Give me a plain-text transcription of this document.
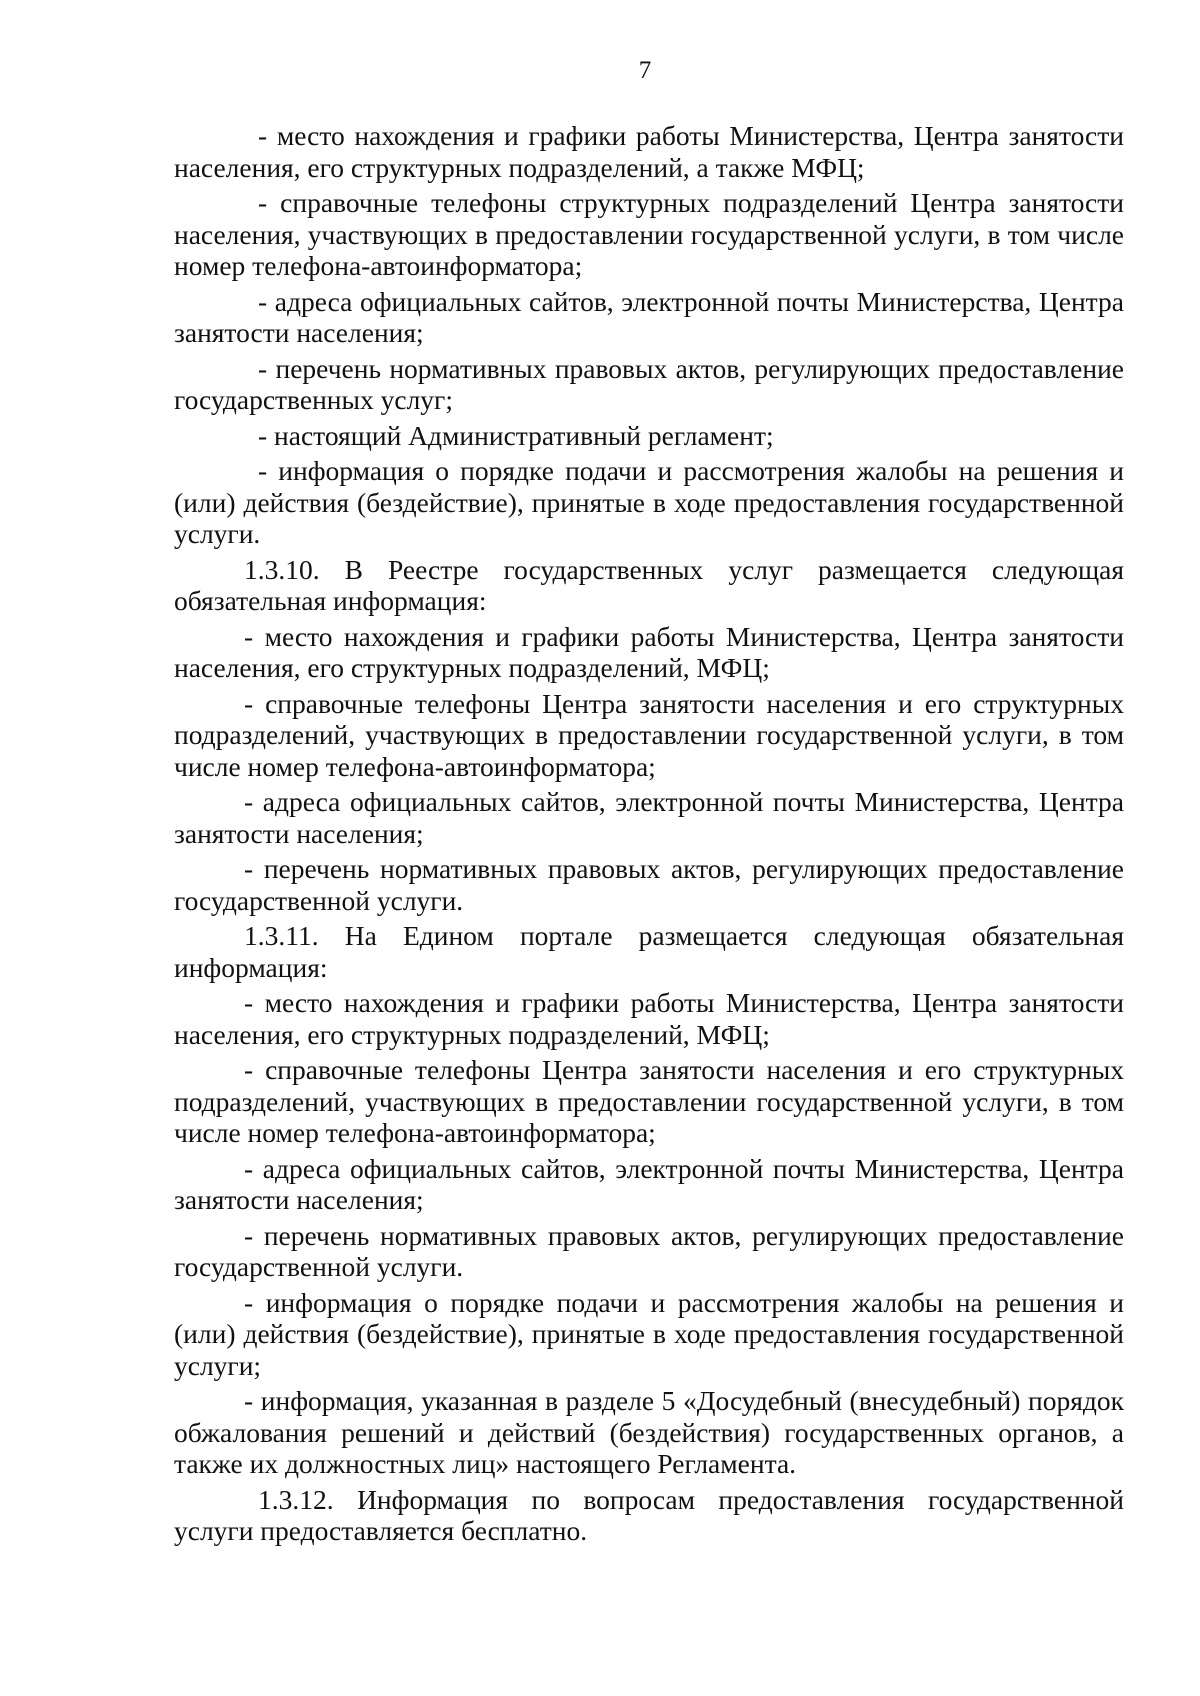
7

- место нахождения и графики работы Министерства, Центра занятости населения, его структурных подразделений, а также МФЦ;

- справочные телефоны структурных подразделений Центра занятости населения, участвующих в предоставлении государственной услуги, в том числе номер телефона-автоинформатора;

- адреса официальных сайтов, электронной почты Министерства, Центра занятости населения;

- перечень нормативных правовых актов, регулирующих предоставление государственных услуг;

- настоящий Административный регламент;

- информация о порядке подачи и рассмотрения жалобы на решения и (или) действия (бездействие), принятые в ходе предоставления государственной услуги.

1.3.10. В Реестре государственных услуг размещается следующая обязательная информация:

- место нахождения и графики работы Министерства, Центра занятости населения, его структурных подразделений, МФЦ;

- справочные телефоны Центра занятости населения и его структурных подразделений, участвующих в предоставлении государственной услуги, в том числе номер телефона-автоинформатора;

- адреса официальных сайтов, электронной почты Министерства, Центра занятости населения;

- перечень нормативных правовых актов, регулирующих предоставление государственной услуги.

1.3.11. На Едином портале размещается следующая обязательная информация:

- место нахождения и графики работы Министерства, Центра занятости населения, его структурных подразделений, МФЦ;

- справочные телефоны Центра занятости населения и его структурных подразделений, участвующих в предоставлении государственной услуги, в том числе номер телефона-автоинформатора;

- адреса официальных сайтов, электронной почты Министерства, Центра занятости населения;

- перечень нормативных правовых актов, регулирующих предоставление государственной услуги.

- информация о порядке подачи и рассмотрения жалобы на решения и (или) действия (бездействие), принятые в ходе предоставления государственной услуги;

- информация, указанная в разделе 5 «Досудебный (внесудебный) порядок обжалования решений и действий (бездействия) государственных органов, а также их должностных лиц» настоящего Регламента.

1.3.12. Информация по вопросам предоставления государственной услуги предоставляется бесплатно.
